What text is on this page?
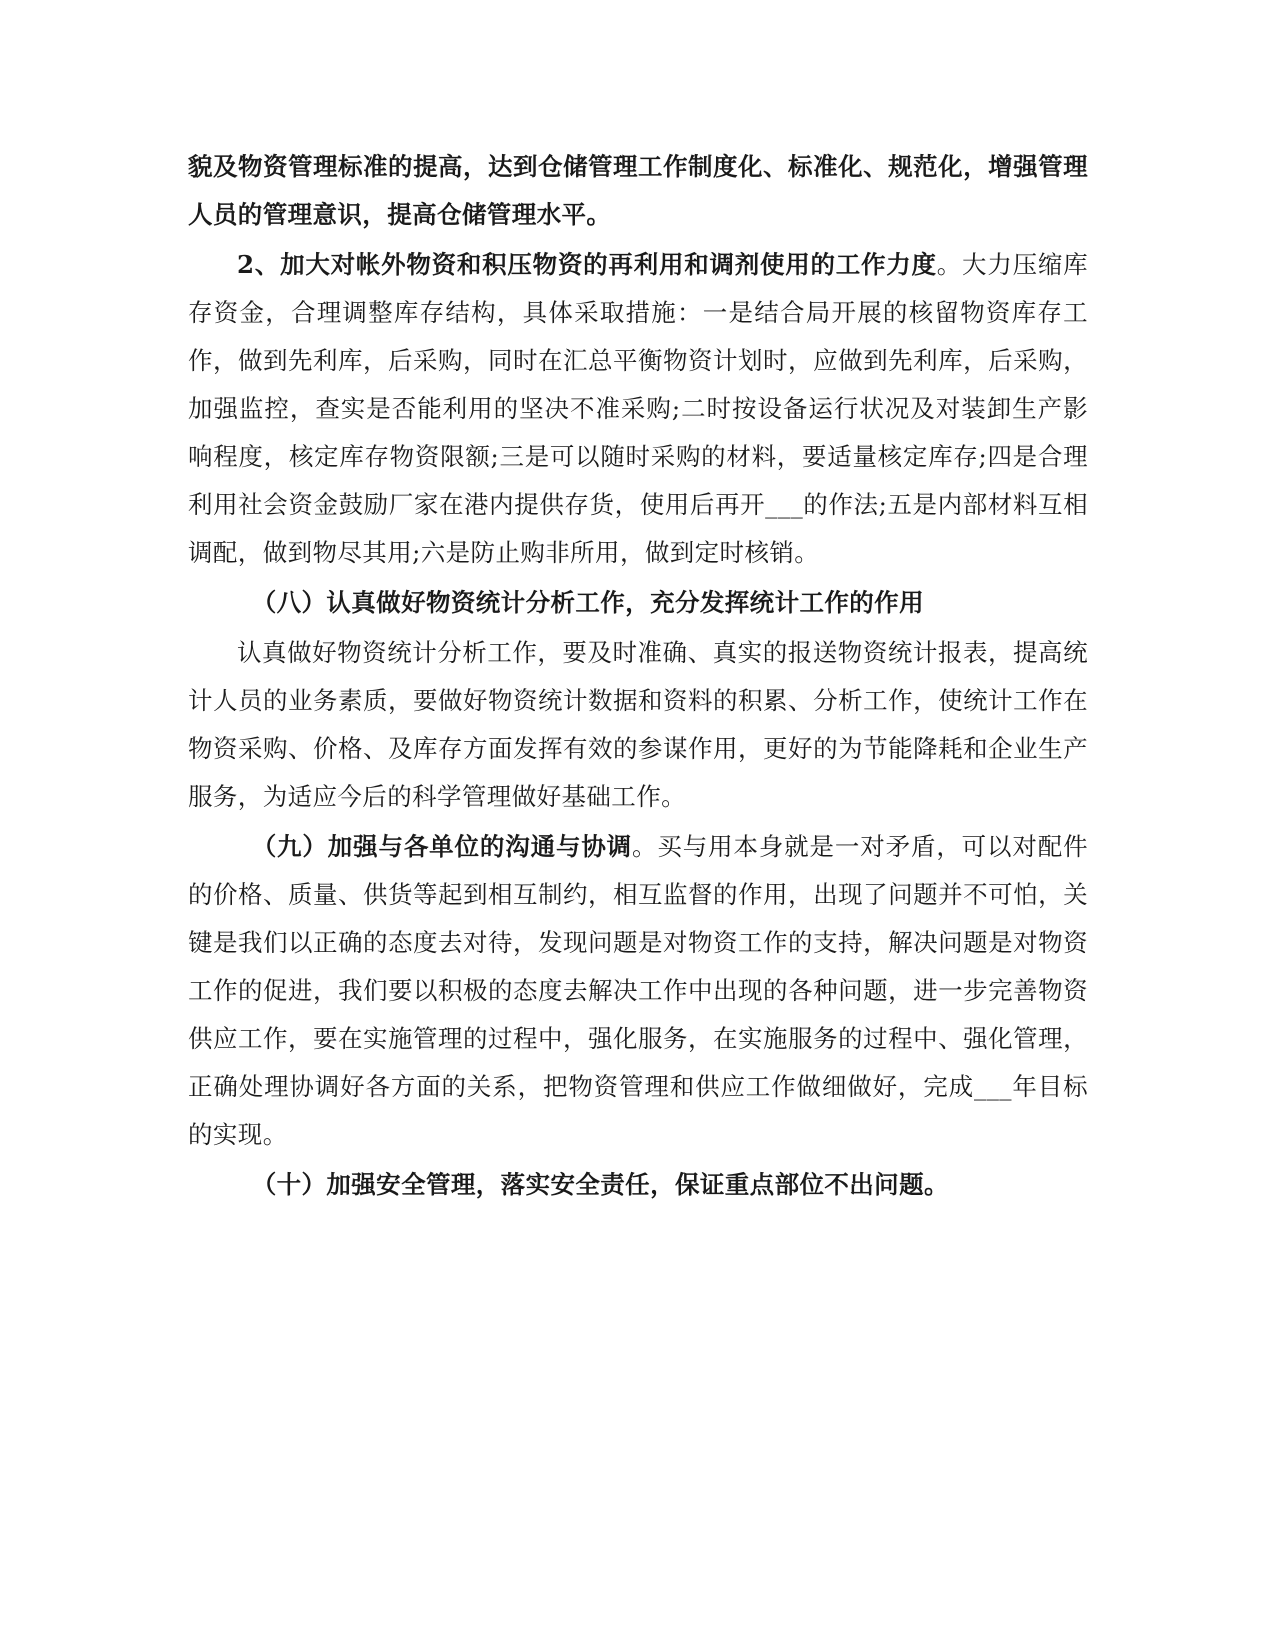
貌及物资管理标准的提高，达到仓储管理工作制度化、标准化、规范化，增强管理人员的管理意识，提高仓储管理水平。

2、加大对帐外物资和积压物资的再利用和调剂使用的工作力度。大力压缩库存资金，合理调整库存结构，具体采取措施：一是结合局开展的核留物资库存工作，做到先利库，后采购，同时在汇总平衡物资计划时，应做到先利库，后采购，加强监控，查实是否能利用的坚决不准采购;二时按设备运行状况及对装卸生产影响程度，核定库存物资限额;三是可以随时采购的材料，要适量核定库存;四是合理利用社会资金鼓励厂家在港内提供存货，使用后再开___的作法;五是内部材料互相调配，做到物尽其用;六是防止购非所用，做到定时核销。

（八）认真做好物资统计分析工作，充分发挥统计工作的作用

认真做好物资统计分析工作，要及时准确、真实的报送物资统计报表，提高统计人员的业务素质，要做好物资统计数据和资料的积累、分析工作，使统计工作在物资采购、价格、及库存方面发挥有效的参谋作用，更好的为节能降耗和企业生产服务，为适应今后的科学管理做好基础工作。

（九）加强与各单位的沟通与协调。买与用本身就是一对矛盾，可以对配件的价格、质量、供货等起到相互制约，相互监督的作用，出现了问题并不可怕，关键是我们以正确的态度去对待，发现问题是对物资工作的支持，解决问题是对物资工作的促进，我们要以积极的态度去解决工作中出现的各种问题，进一步完善物资供应工作，要在实施管理的过程中，强化服务，在实施服务的过程中、强化管理，正确处理协调好各方面的关系，把物资管理和供应工作做细做好，完成___年目标的实现。

（十）加强安全管理，落实安全责任，保证重点部位不出问题。
